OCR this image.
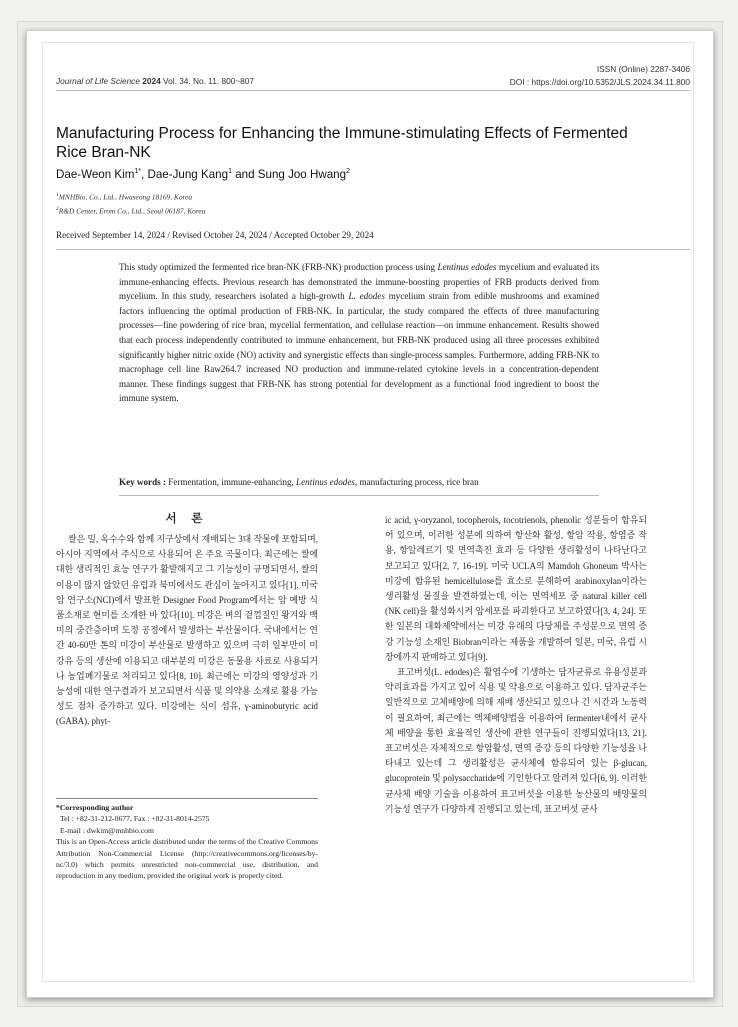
Journal of Life Science 2024 Vol. 34. No. 11. 800~807
ISSN (Online) 2287-3406
DOI : https://doi.org/10.5352/JLS.2024.34.11.800
Manufacturing Process for Enhancing the Immune-stimulating Effects of Fermented Rice Bran-NK
Dae-Weon Kim$^{1*}$, Dae-Jung Kang$^1$ and Sung Joo Hwang$^2$
$^1$MNHBio, Co., Ltd., Hwaseong 18169, Korea
$^2$R&D Center, Erom Co., Ltd., Seoul 06187, Korea
Received September 14, 2024 / Revised October 24, 2024 / Accepted October 29, 2024
This study optimized the fermented rice bran-NK (FRB-NK) production process using Lentinus edodes mycelium and evaluated its immune-enhancing effects. Previous research has demonstrated the immune-boosting properties of FRB products derived from mycelium. In this study, researchers isolated a high-growth L. edodes mycelium strain from edible mushrooms and examined factors influencing the optimal production of FRB-NK. In particular, the study compared the effects of three manufacturing processes—fine powdering of rice bran, mycelial fermentation, and cellulase reaction—on immune enhancement. Results showed that each process independently contributed to immune enhancement, but FRB-NK produced using all three processes exhibited significantly higher nitric oxide (NO) activity and synergistic effects than single-process samples. Furthermore, adding FRB-NK to macrophage cell line Raw264.7 increased NO production and immune-related cytokine levels in a concentration-dependent manner. These findings suggest that FRB-NK has strong potential for development as a functional food ingredient to boost the immune system.
Key words : Fermentation, immune-enhancing, Lentinus edodes, manufacturing process, rice bran
서 론

쌀은 밀, 옥수수와 함께 지구상에서 재배되는 3대 작물에 포함되며, 아시아 지역에서 주식으로 사용되어 온 주요 곡물이다. 최근에는 쌀에 대한 생리적인 효능 연구가 활발해지고 그 기능성이 규명되면서, 쌀의 이용이 많지 않았던 유럽과 북미에서도 관심이 높아지고 있다[1]. 미국 암 연구소(NCI)에서 발표한 Designer Food Program에서는 암 예방 식품소재로 현미를 소개한 바 있다[10]. 미강은 벼의 겉껍질인 왕겨와 백미의 중간층이며 도정 공정에서 발생하는 부산물이다. 국내에서는 연간 40-60만 톤의 미강이 부산물로 발생하고 있으며 극히 일부만이 미강유 등의 생산에 이용되고 대부분의 미강은 동물용 사료로 사용되거나 농업폐기물로 처리되고 있다[8, 10]. 최근에는 미강의 영양성과 기능성에 대한 연구결과가 보고되면서 식품 및 의약용 소재로 활용 가능성도 점차 증가하고 있다. 미강에는 식이 섬유, γ-aminobutyric acid (GABA), phyt-

ic acid, γ-oryzanol, tocopherols, tocotrienols, phenolic 성분들이 함유되어 있으며, 이러한 성분에 의하여 항산화 활성, 항암 작용, 항염증 작용, 항알레르기 및 면역촉진 효과 등 다양한 생리활성이 나타난다고 보고되고 있다[2, 7, 16-19]. 미국 UCLA의 Mamdoh Ghoneum 박사는 미강에 함유된 hemicellulose를 효소로 분해하여 arabinoxylan이라는 생리활성 물질을 발견하였는데, 이는 면역세포 중 natural killer cell (NK cell)을 활성화시켜 암세포를 파괴한다고 보고하였다[3, 4, 24]. 또한 일본의 대화제약에서는 미강 유래의 다당체를 주성분으로 면역 증강 기능성 소재인 Biobran이라는 제품을 개발하여 일본, 미국, 유럽 시장에까지 판매하고 있다[9].

표고버섯(L. edodes)은 활엽수에 기생하는 담자균류로 유용성분과 약리효과를 가지고 있어 식용 및 약용으로 이용하고 있다. 담자균주는 일반적으로 고체배양에 의해 재배 생산되고 있으나 긴 시간과 노동력이 필요하여, 최근에는 액체배양법을 이용하여 fermenter내에서 균사체 배양을 통한 효율적인 생산에 관한 연구들이 진행되었다[13, 21]. 표고버섯은 자체적으로 항암활성, 면역 증강 등의 다양한 기능성을 나타내고 있는데 그 생리활성은 균사체에 함유되어 있는 β-glucan, glucoprotein 및 polysaccharide에 기인한다고 알려져 있다[6, 9]. 이러한 균사체 배양 기술을 이용하여 표고버섯을 이용한 농산물의 배양물의 기능성 연구가 다양하게 진행되고 있는데, 표고버섯 균사

*Corresponding author
Tel : +82-31-212-0677, Fax : +82-31-8014-2575
E-mail : dwkim@mnhbio.com
This is an Open-Access article distributed under the terms of the Creative Commons Attribution Non-Commercial License (http://creativecommons.org/licenses/by-nc/3.0) which permits unrestricted non-commercial use, distribution, and reproduction in any medium, provided the original work is properly cited.
